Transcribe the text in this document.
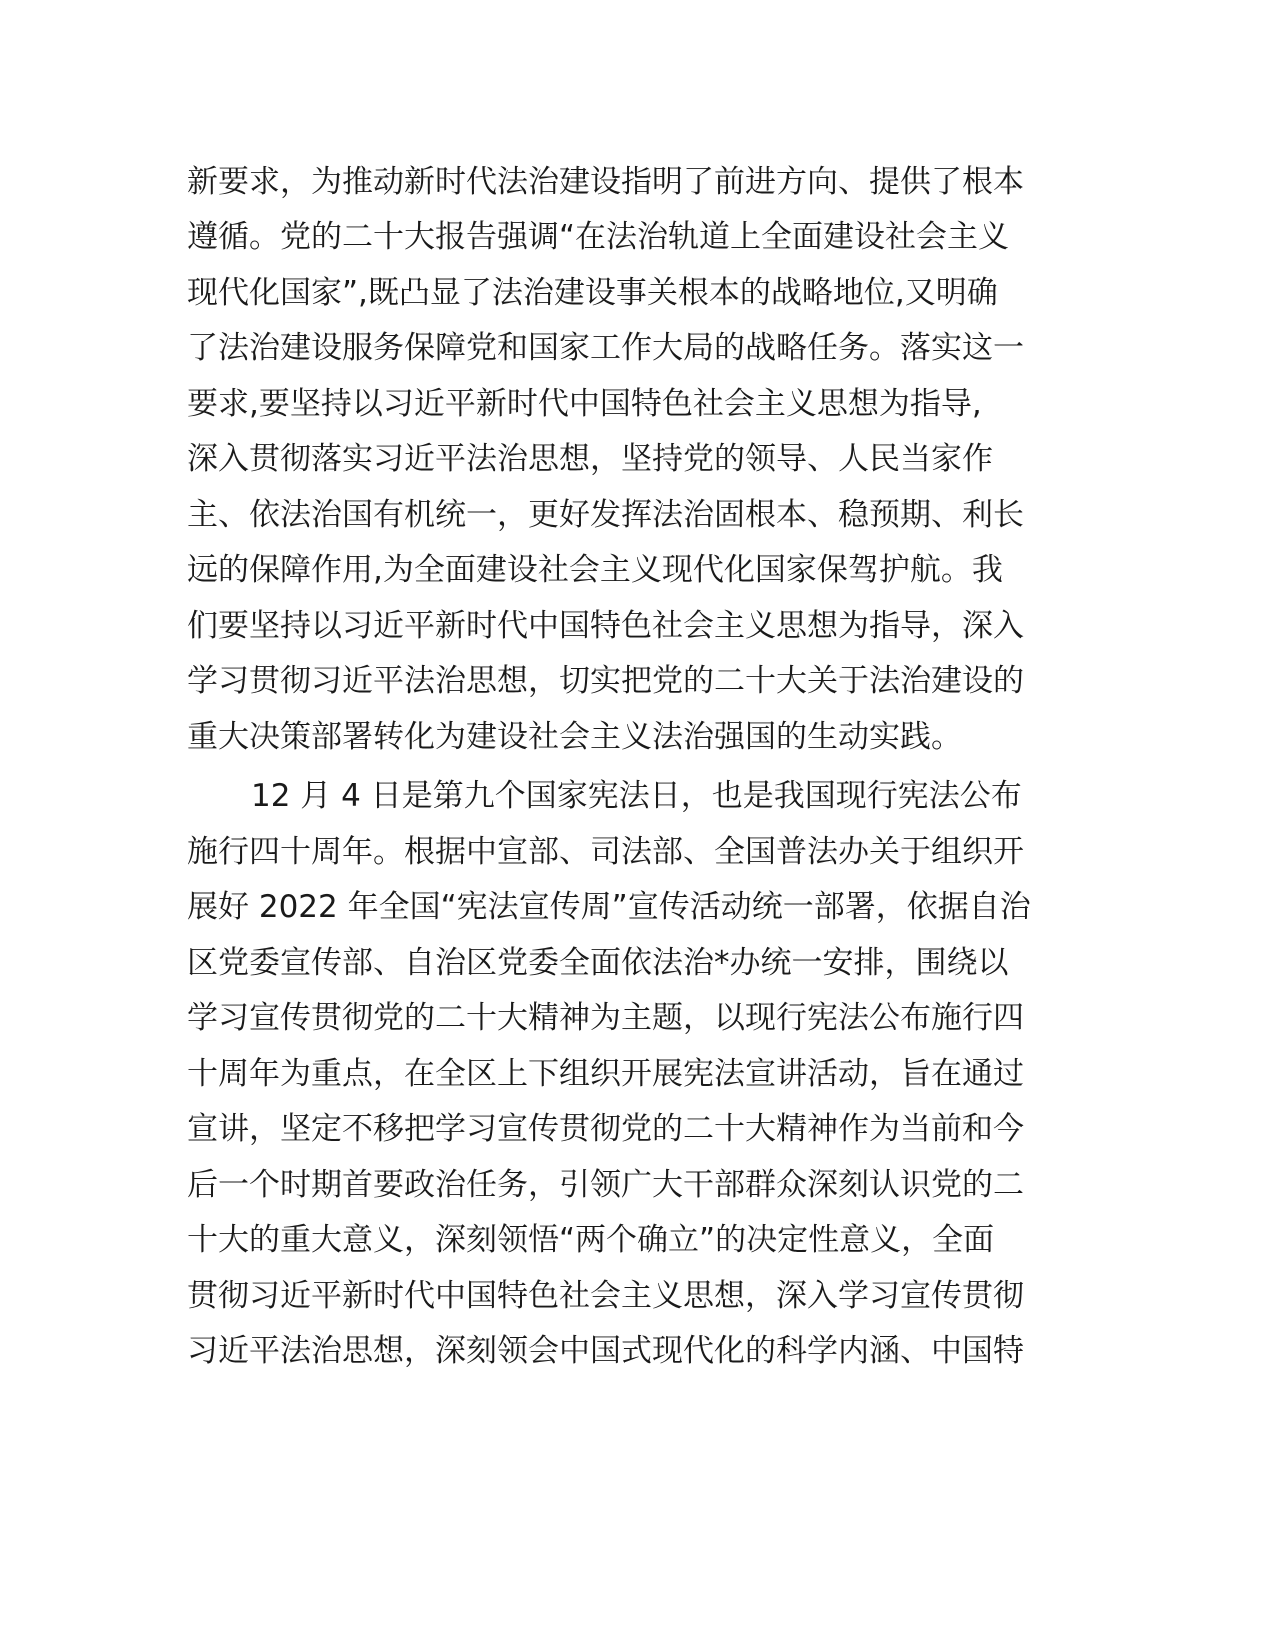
新要求，为推动新时代法治建设指明了前进方向、提供了根本
遵循。党的二十大报告强调“在法治轨道上全面建设社会主义
现代化国家”,既凸显了法治建设事关根本的战略地位,又明确
了法治建设服务保障党和国家工作大局的战略任务。落实这一
要求,要坚持以习近平新时代中国特色社会主义思想为指导,
深入贯彻落实习近平法治思想，坚持党的领导、人民当家作
主、依法治国有机统一，更好发挥法治固根本、稳预期、利长
远的保障作用,为全面建设社会主义现代化国家保驾护航。我
们要坚持以习近平新时代中国特色社会主义思想为指导，深入
学习贯彻习近平法治思想，切实把党的二十大关于法治建设的
重大决策部署转化为建设社会主义法治强国的生动实践。
12 月 4 日是第九个国家宪法日，也是我国现行宪法公布
施行四十周年。根据中宣部、司法部、全国普法办关于组织开
展好 2022 年全国“宪法宣传周”宣传活动统一部署，依据自治
区党委宣传部、自治区党委全面依法治*办统一安排，围绕以
学习宣传贯彻党的二十大精神为主题，以现行宪法公布施行四
十周年为重点，在全区上下组织开展宪法宣讲活动，旨在通过
宣讲，坚定不移把学习宣传贯彻党的二十大精神作为当前和今
后一个时期首要政治任务，引领广大干部群众深刻认识党的二
十大的重大意义，深刻领悟“两个确立”的决定性意义，全面
贯彻习近平新时代中国特色社会主义思想，深入学习宣传贯彻
习近平法治思想，深刻领会中国式现代化的科学内涵、中国特
